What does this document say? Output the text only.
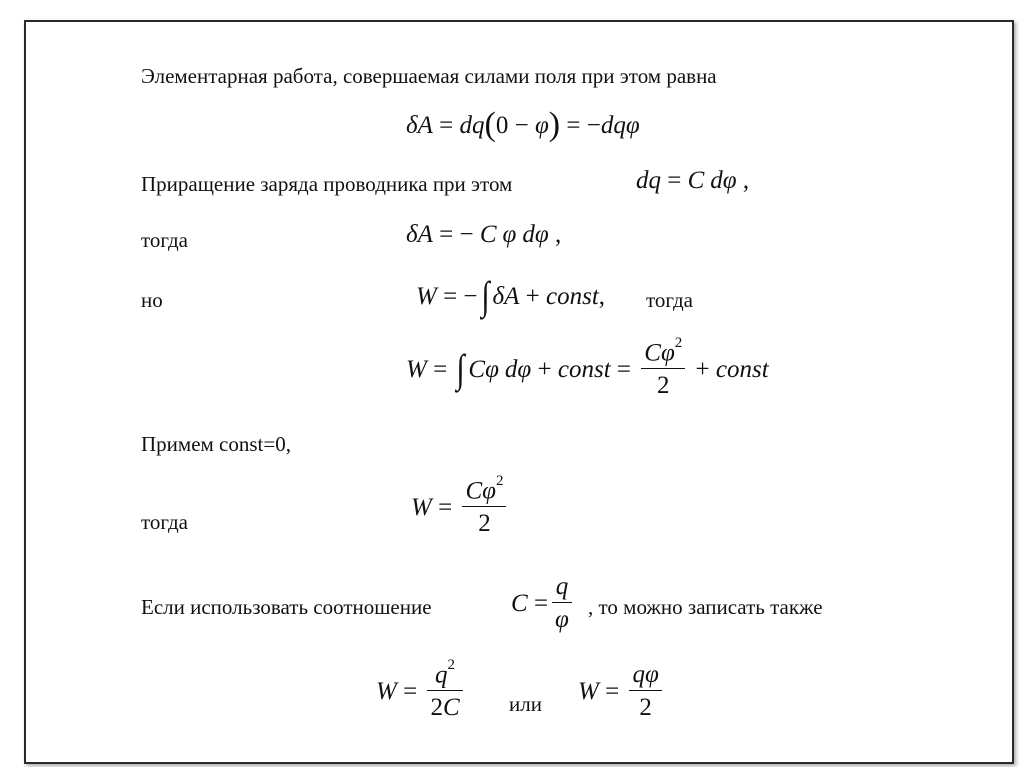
Элементарная работа, совершаемая силами поля при этом равна
δA = dq ( 0 − φ ) = − dqφ
Приращение заряда проводника при этом	dq = C dφ ,
тогда	δA = − C φ dφ ,
но	W = − ∫ δA + const , тогда
W = ∫ Cφ dφ + const = $\frac{C\varphi^2}{2}$ + const
Примем const=0,
тогда
$W = \frac{C\varphi^2}{2}$
Если использовать соотношение	$C = \frac{q}{\varphi}$ , то можно записать также
$W = \frac{q^2}{2C}$ или $W = \frac{q\varphi}{2}$
